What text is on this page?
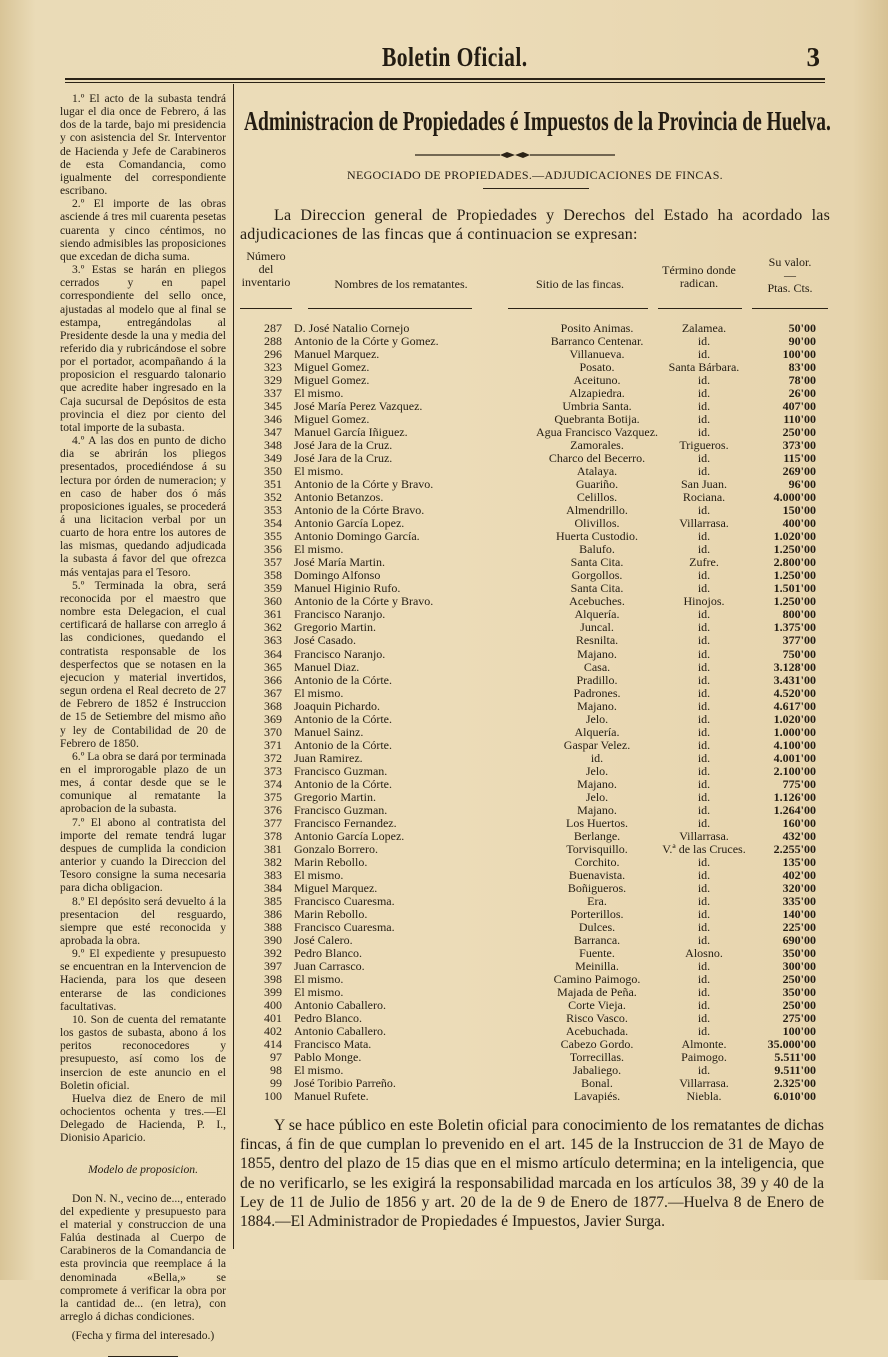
Boletin Oficial.	3

1.º El acto de la subasta tendrá lugar el dia once de Febrero, á las dos de la tarde, bajo mi presidencia y con asistencia del Sr. Interventor de Hacienda y Jefe de Carabineros de esta Comandancia, como igualmente del correspondiente escribano.

2.º El importe de las obras asciende á tres mil cuarenta pesetas cuarenta y cinco céntimos, no siendo admisibles las proposiciones que excedan de dicha suma.

3.º Estas se harán en pliegos cerrados y en papel correspondiente del sello once, ajustadas al modelo que al final se estampa, entregándolas al Presidente desde la una y media del referido dia y rubricándose el sobre por el portador, acompañando á la proposicion el resguardo talonario que acredite haber ingresado en la Caja sucursal de Depósitos de esta provincia el diez por ciento del total importe de la subasta.

4.º A las dos en punto de dicho dia se abrirán los pliegos presentados, procediéndose á su lectura por órden de numeracion; y en caso de haber dos ó más proposiciones iguales, se procederá á una licitacion verbal por un cuarto de hora entre los autores de las mismas, quedando adjudicada la subasta á favor del que ofrezca más ventajas para el Tesoro.

5.º Terminada la obra, será reconocida por el maestro que nombre esta Delegacion, el cual certificará de hallarse con arreglo á las condiciones, quedando el contratista responsable de los desperfectos que se notasen en la ejecucion y material invertidos, segun ordena el Real decreto de 27 de Febrero de 1852 é Instruccion de 15 de Setiembre del mismo año y ley de Contabilidad de 20 de Febrero de 1850.

6.º La obra se dará por terminada en el improrogable plazo de un mes, á contar desde que se le comunique al rematante la aprobacion de la subasta.

7.º El abono al contratista del importe del remate tendrá lugar despues de cumplida la condicion anterior y cuando la Direccion del Tesoro consigne la suma necesaria para dicha obligacion.

8.º El depósito será devuelto á la presentacion del resguardo, siempre que esté reconocida y aprobada la obra.

9.º El expediente y presupuesto se encuentran en la Intervencion de Hacienda, para los que deseen enterarse de las condiciones facultativas.

10. Son de cuenta del rematante los gastos de subasta, abono á los peritos reconocedores y presupuesto, así como los de insercion de este anuncio en el Boletin oficial.

Huelva diez de Enero de mil ochocientos ochenta y tres.—El Delegado de Hacienda, P. I., Dionisio Aparicio.

Modelo de proposicion.

Don N. N., vecino de..., enterado del expediente y presupuesto para el material y construccion de una Falúa destinada al Cuerpo de Carabineros de la Comandancia de esta provincia que reemplace á la denominada «Bella,» se compromete á verificar la obra por la cantidad de... (en letra), con arreglo á dichas condiciones.

(Fecha y firma del interesado.)

Administracion de Propiedades é Impuestos de la Provincia de Huelva.
NEGOCIADO DE PROPIEDADES.—ADJUDICACIONES DE FINCAS.
La Direccion general de Propiedades y Derechos del Estado ha acordado las adjudicaciones de las fincas que á continuacion se expresan:
Número del inventario	Nombres de los rematantes.	Sitio de las fincas.
Término donde radican.
Su valor.
—
Ptas. Cts.
287 D. José Natalio Cornejo	Posito Animas.	Zalamea.	50'00
288 Antonio de la Córte y Gomez.	Barranco Centenar.	id.	90'00
296 Manuel Marquez.	Villanueva.	id.	100'00
323 Miguel Gomez.	Posato.	Santa Bárbara.	83'00
329 Miguel Gomez.	Aceituno.	id.	78'00
337 El mismo.	Alzapiedra.	id.	26'00
345 José María Perez Vazquez.	Umbria Santa.	id.	407'00
346 Miguel Gomez.	Quebranta Botija.	id.	110'00
347 Manuel García Iñiguez.	Agua Francisco Vazquez.	id.	250'00
348 José Jara de la Cruz.	Zamorales.	Trigueros.	373'00
349 José Jara de la Cruz.	Charco del Becerro.	id.	115'00
350 El mismo.	Atalaya.	id.	269'00
351 Antonio de la Córte y Bravo.	Guariño.	San Juan.	96'00
352 Antonio Betanzos.	Celillos.	Rociana.	4.000'00
353 Antonio de la Córte Bravo.	Almendrillo.	id.	150'00
354 Antonio García Lopez.	Olivillos.	Villarrasa.	400'00
355 Antonio Domingo García.	Huerta Custodio.	id.	1.020'00
356 El mismo.	Balufo.	id.	1.250'00
357 José María Martin.	Santa Cita.	Zufre.	2.800'00
358 Domingo Alfonso	Gorgollos.	id.	1.250'00
359 Manuel Higinio Rufo.	Santa Cita.	id.	1.501'00
360 Antonio de la Córte y Bravo.	Acebuches.	Hinojos.	1.250'00
361 Francisco Naranjo.	Alquería.	id.	800'00
362 Gregorio Martin.	Juncal.	id.	1.375'00
363 José Casado.	Resnilta.	id.	377'00
364 Francisco Naranjo.	Majano.	id.	750'00
365 Manuel Diaz.	Casa.	id.	3.128'00
366 Antonio de la Córte.	Pradillo.	id.	3.431'00
367 El mismo.	Padrones.	id.	4.520'00
368 Joaquin Pichardo.	Majano.	id.	4.617'00
369 Antonio de la Córte.	Jelo.	id.	1.020'00
370 Manuel Sainz.	Alquería.	id.	1.000'00
371 Antonio de la Córte.	Gaspar Velez.	id.	4.100'00
372 Juan Ramirez.	id.	id.	4.001'00
373 Francisco Guzman.	Jelo.	id.	2.100'00
374 Antonio de la Córte.	Majano.	id.	775'00
375 Gregorio Martin.	Jelo.	id.	1.126'00
376 Francisco Guzman.	Majano.	id.	1.264'00
377 Francisco Fernandez.	Los Huertos.	id.	160'00
378 Antonio García Lopez.	Berlange.	Villarrasa.	432'00
381 Gonzalo Borrero.	Torvisquillo.	V.ª de las Cruces.	2.255'00
382 Marin Rebollo.	Corchito.	id.	135'00
383 El mismo.	Buenavista.	id.	402'00
384 Miguel Marquez.	Boñigueros.	id.	320'00
385 Francisco Cuaresma.	Era.	id.	335'00
386 Marin Rebollo.	Porterillos.	id.	140'00
388 Francisco Cuaresma.	Dulces.	id.	225'00
390 José Calero.	Barranca.	id.	690'00
392 Pedro Blanco.	Fuente.	Alosno.	350'00
397 Juan Carrasco.	Meinilla.	id.	300'00
398 El mismo.	Camino Paimogo.	id.	250'00
399 El mismo.	Majada de Peña.	id.	350'00
400 Antonio Caballero.	Corte Vieja.	id.	250'00
401 Pedro Blanco.	Risco Vasco.	id.	275'00
402 Antonio Caballero.	Acebuchada.	id.	100'00
414 Francisco Mata.	Cabezo Gordo.	Almonte.	35.000'00
97 Pablo Monge.	Torrecillas.	Paimogo.	5.511'00
98 El mismo.	Jabaliego.	id.	9.511'00
99 José Toribio Parreño.	Bonal.	Villarrasa.	2.325'00
100 Manuel Rufete.	Lavapiés.	Niebla.	6.010'00
Y se hace público en este Boletin oficial para conocimiento de los rematantes de dichas fincas, á fin de que cumplan lo prevenido en el art. 145 de la Instruccion de 31 de Mayo de 1855, dentro del plazo de 15 dias que en el mismo artículo determina; en la inteligencia, que de no verificarlo, se les exigirá la responsabilidad marcada en los artículos 38, 39 y 40 de la Ley de 11 de Julio de 1856 y art. 20 de la de 9 de Enero de 1877.—Huelva 8 de Enero de 1884.—El Administrador de Propiedades é Impuestos, Javier Surga.
